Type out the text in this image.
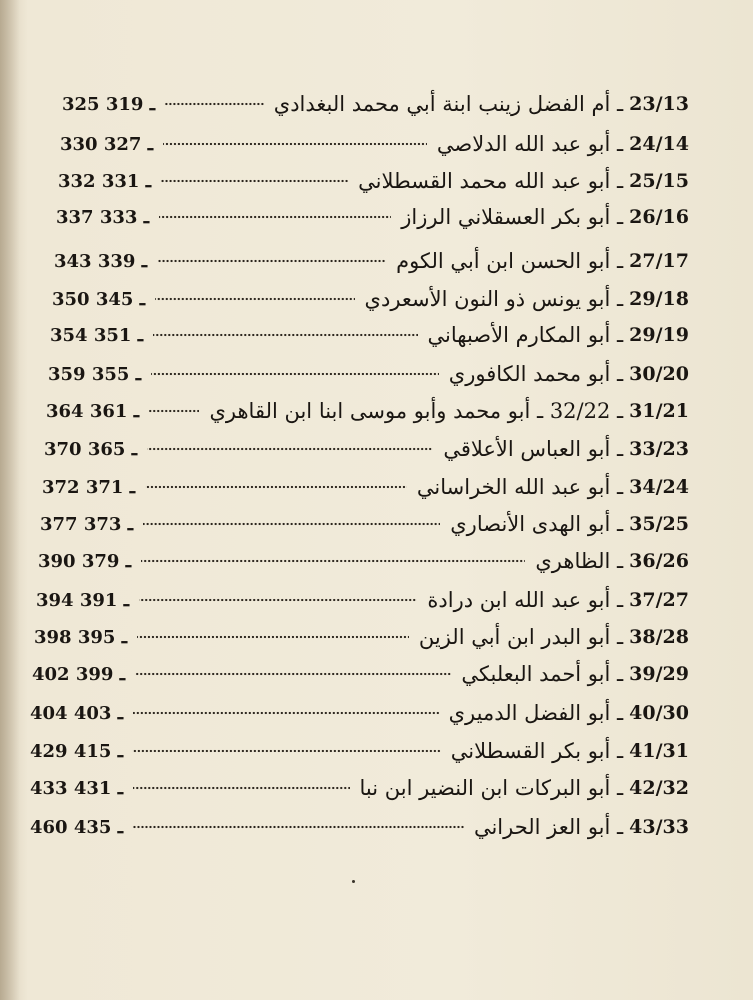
23/13
ـ أم الفضل زينب ابنة أبي محمد البغدادي
325 ـ 319
24/14
ـ أبو عبد الله الدلاصي
330 ـ 327
25/15
ـ أبو عبد الله محمد القسطلاني
332 ـ 331
26/16
ـ أبو بكر العسقلاني الرزاز
337 ـ 333
27/17
ـ أبو الحسن ابن أبي الكوم
343 ـ 339
29/18
ـ أبو يونس ذو النون الأسعردي
350 ـ 345
29/19
ـ أبو المكارم الأصبهاني
354 ـ 351
30/20
ـ أبو محمد الكافوري
359 ـ 355
31/21
ـ 32/22 ـ أبو محمد وأبو موسى ابنا ابن القاهري
364 ـ 361
33/23
ـ أبو العباس الأعلاقي
370 ـ 365
34/24
ـ أبو عبد الله الخراساني
372 ـ 371
35/25
ـ أبو الهدى الأنصاري
377 ـ 373
36/26
ـ الظاهري
390 ـ 379
37/27
ـ أبو عبد الله ابن درادة
394 ـ 391
38/28
ـ أبو البدر ابن أبي الزين
398 ـ 395
39/29
ـ أبو أحمد البعلبكي
402 ـ 399
40/30
ـ أبو الفضل الدميري
404 ـ 403
41/31
ـ أبو بكر القسطلاني
429 ـ 415
42/32
ـ أبو البركات ابن النضير ابن نبا
433 ـ 431
43/33
ـ أبو العز الحراني
460 ـ 435
